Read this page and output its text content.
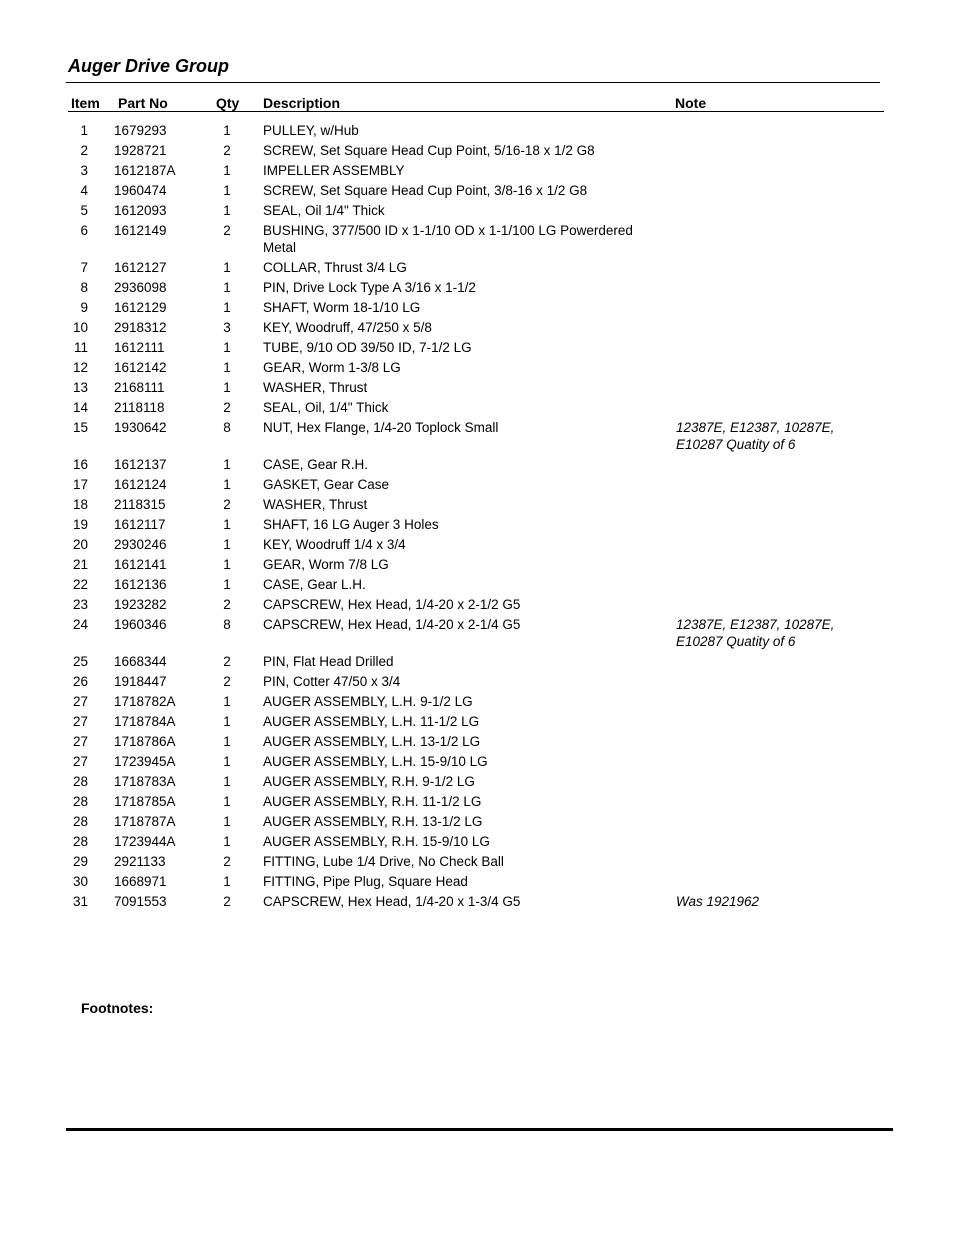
Auger Drive Group
Item Part No	Qty Description	Note
1 1679293	1 PULLEY, w/Hub
2 1928721	2 SCREW, Set Square Head Cup Point, 5/16-18 x 1/2 G8
3 1612187A	1 IMPELLER ASSEMBLY
4 1960474	1 SCREW, Set Square Head Cup Point, 3/8-16 x 1/2 G8
5 1612093	1 SEAL, Oil 1/4" Thick
6 1612149	2 BUSHING, 377/500 ID x 1-1/10 OD x 1-1/100 LG Powerdered Metal
7 1612127	1 COLLAR, Thrust 3/4 LG
8 2936098	1 PIN, Drive Lock Type A 3/16 x 1-1/2
9 1612129	1 SHAFT, Worm 18-1/10 LG
10 2918312	3 KEY, Woodruff, 47/250 x 5/8
11 1612111	1 TUBE, 9/10 OD 39/50 ID, 7-1/2 LG
12 1612142	1 GEAR, Worm 1-3/8 LG
13 2168111	1 WASHER, Thrust
14 2118118	2 SEAL, Oil, 1/4" Thick
15 1930642	8 NUT, Hex Flange, 1/4-20 Toplock Small	12387E, E12387, 10287E, E10287 Quatity of 6
16 1612137	1 CASE, Gear R.H.
17 1612124	1 GASKET, Gear Case
18 2118315	2 WASHER, Thrust
19 1612117	1 SHAFT, 16 LG Auger 3 Holes
20 2930246	1 KEY, Woodruff 1/4 x 3/4
21 1612141	1 GEAR, Worm 7/8 LG
22 1612136	1 CASE, Gear L.H.
23 1923282	2 CAPSCREW, Hex Head, 1/4-20 x 2-1/2 G5
24 1960346	8 CAPSCREW, Hex Head, 1/4-20 x 2-1/4 G5	12387E, E12387, 10287E, E10287 Quatity of 6
25 1668344	2 PIN, Flat Head Drilled
26 1918447	2 PIN, Cotter 47/50 x 3/4
27 1718782A	1 AUGER ASSEMBLY, L.H. 9-1/2 LG
27 1718784A	1 AUGER ASSEMBLY, L.H. 11-1/2 LG
27 1718786A	1 AUGER ASSEMBLY, L.H. 13-1/2 LG
27 1723945A	1 AUGER ASSEMBLY, L.H. 15-9/10 LG
28 1718783A	1 AUGER ASSEMBLY, R.H. 9-1/2 LG
28 1718785A	1 AUGER ASSEMBLY, R.H. 11-1/2 LG
28 1718787A	1 AUGER ASSEMBLY, R.H. 13-1/2 LG
28 1723944A	1 AUGER ASSEMBLY, R.H. 15-9/10 LG
29 2921133	2 FITTING, Lube 1/4 Drive, No Check Ball
30 1668971	1 FITTING, Pipe Plug, Square Head
31 7091553	2 CAPSCREW, Hex Head, 1/4-20 x 1-3/4 G5	Was 1921962
Footnotes:
